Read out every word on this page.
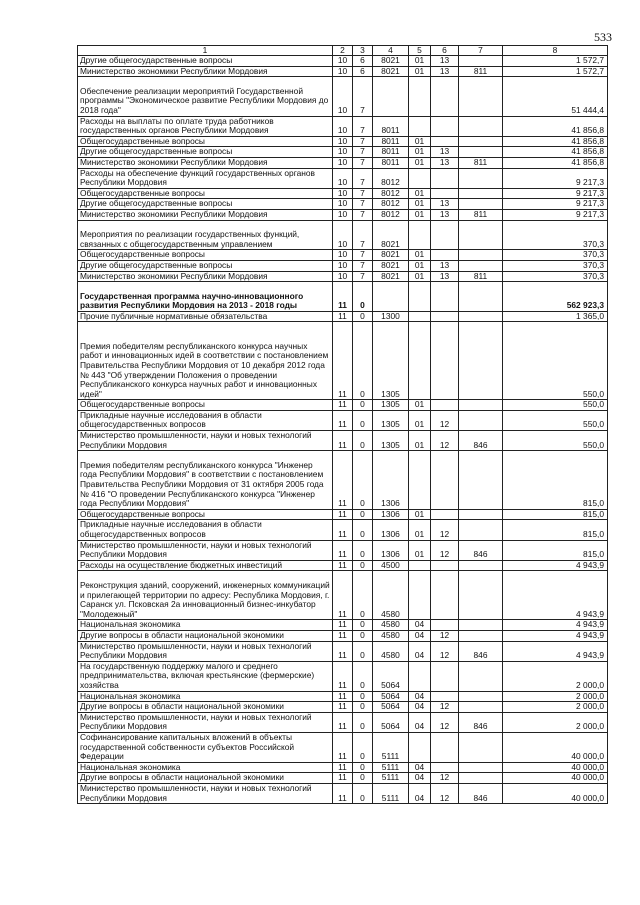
533
1	2	3	4	5	6	7	8
Другие общегосударственные вопросы	10	6	8021	01	13		1 572,7
Министерство экономики Республики Мордовия	10	6	8021	01	13	811	1 572,7
Обеспечение реализации мероприятий Государственной программы "Экономическое развитие Республики Мордовия до 2018 года"	10	7					51 444,4
Расходы на выплаты по оплате труда работников государственных органов Республики Мордовия	10	7	8011				41 856,8
Общегосударственные вопросы	10	7	8011	01			41 856,8
Другие общегосударственные вопросы	10	7	8011	01	13		41 856,8
Министерство экономики Республики Мордовия	10	7	8011	01	13	811	41 856,8
Расходы на обеспечение функций государственных органов Республики Мордовия	10	7	8012				9 217,3
Общегосударственные вопросы	10	7	8012	01			9 217,3
Другие общегосударственные вопросы	10	7	8012	01	13		9 217,3
Министерство экономики Республики Мордовия	10	7	8012	01	13	811	9 217,3
Мероприятия по реализации государственных функций, связанных с общегосударственным управлением	10	7	8021				370,3
Общегосударственные вопросы	10	7	8021	01			370,3
Другие общегосударственные вопросы	10	7	8021	01	13		370,3
Министерство экономики Республики Мордовия	10	7	8021	01	13	811	370,3
Государственная программа научно-инновационного развития Республики Мордовия на 2013 - 2018 годы	11	0					562 923,3
Прочие публичные нормативные обязательства	11	0	1300				1 365,0
Премия победителям республиканского конкурса научных работ и инновационных идей в соответствии с постановлением Правительства Республики Мордовия от 10 декабря 2012 года № 443 "Об утверждении Положения о проведении Республиканского конкурса научных работ и инновационных идей"	11	0	1305				550,0
Общегосударственные вопросы	11	0	1305	01			550,0
Прикладные научные исследования в области общегосударственных вопросов	11	0	1305	01	12		550,0
Министерство промышленности, науки и новых технологий Республики Мордовия	11	0	1305	01	12	846	550,0
Премия победителям республиканского конкурса "Инженер года Республики Мордовия" в соответствии с постановлением Правительства Республики Мордовия от 31 октября 2005 года № 416 "О проведении Республиканского конкурса "Инженер года Республики Мордовия"	11	0	1306				815,0
Общегосударственные вопросы	11	0	1306	01			815,0
Прикладные научные исследования в области общегосударственных вопросов	11	0	1306	01	12		815,0
Министерство промышленности, науки и новых технологий Республики Мордовия	11	0	1306	01	12	846	815,0
Расходы на осуществление бюджетных инвестиций	11	0	4500				4 943,9
Реконструкция зданий, сооружений, инженерных коммуникаций и прилегающей территории по адресу: Республика Мордовия, г. Саранск ул. Псковская 2а инновационный бизнес-инкубатор "Молодежный"	11	0	4580				4 943,9
Национальная экономика	11	0	4580	04			4 943,9
Другие вопросы в области национальной экономики	11	0	4580	04	12		4 943,9
Министерство промышленности, науки и новых технологий Республики Мордовия	11	0	4580	04	12	846	4 943,9
На государственную поддержку малого и среднего предпринимательства, включая крестьянские (фермерские) хозяйства	11	0	5064				2 000,0
Национальная экономика	11	0	5064	04			2 000,0
Другие вопросы в области национальной экономики	11	0	5064	04	12		2 000,0
Министерство промышленности, науки и новых технологий Республики Мордовия	11	0	5064	04	12	846	2 000,0
Софинансирование капитальных вложений в объекты государственной собственности субъектов Российской Федерации	11	0	5111				40 000,0
Национальная экономика	11	0	5111	04			40 000,0
Другие вопросы в области национальной экономики	11	0	5111	04	12		40 000,0
Министерство промышленности, науки и новых технологий Республики Мордовия	11	0	5111	04	12	846	40 000,0
